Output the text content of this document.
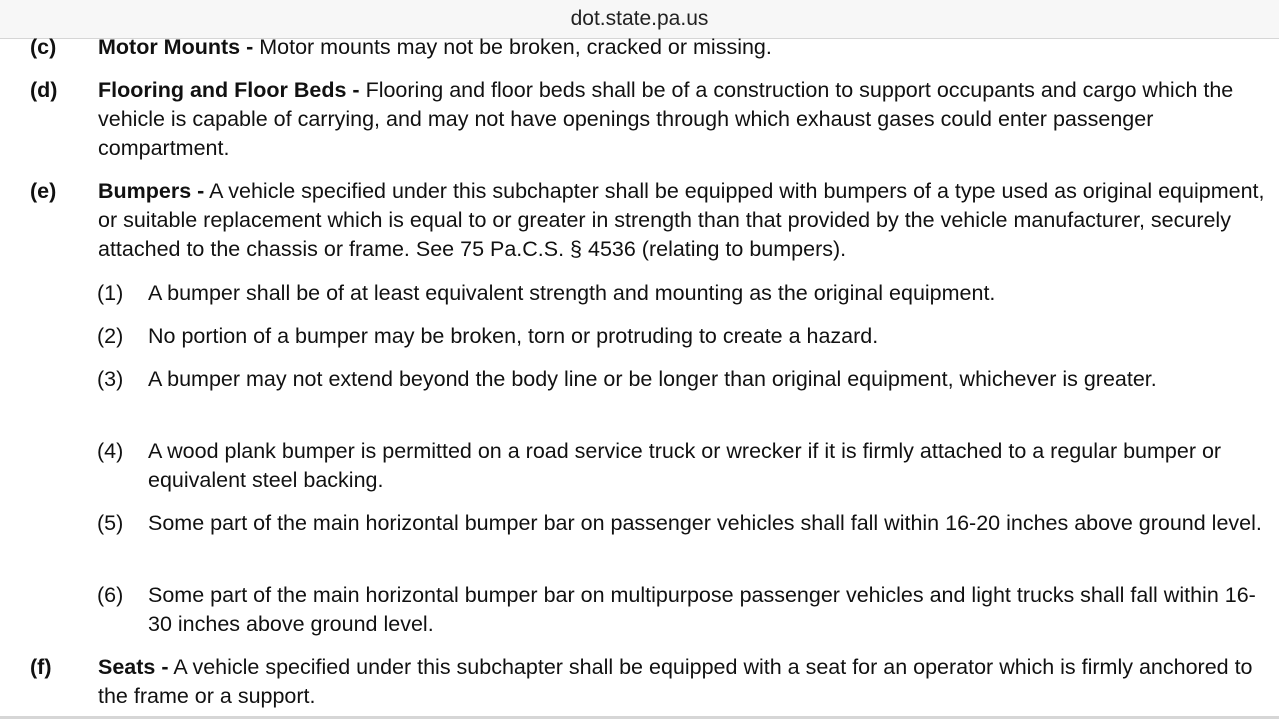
dot.state.pa.us
(c) Motor Mounts - Motor mounts may not be broken, cracked or missing.
(d) Flooring and Floor Beds - Flooring and floor beds shall be of a construction to support occupants and cargo which the vehicle is capable of carrying, and may not have openings through which exhaust gases could enter passenger compartment.
(e) Bumpers - A vehicle specified under this subchapter shall be equipped with bumpers of a type used as original equipment, or suitable replacement which is equal to or greater in strength than that provided by the vehicle manufacturer, securely attached to the chassis or frame. See 75 Pa.C.S. § 4536 (relating to bumpers).
(1) A bumper shall be of at least equivalent strength and mounting as the original equipment.
(2) No portion of a bumper may be broken, torn or protruding to create a hazard.
(3) A bumper may not extend beyond the body line or be longer than original equipment, whichever is greater.
(4) A wood plank bumper is permitted on a road service truck or wrecker if it is firmly attached to a regular bumper or equivalent steel backing.
(5) Some part of the main horizontal bumper bar on passenger vehicles shall fall within 16-20 inches above ground level.
(6) Some part of the main horizontal bumper bar on multipurpose passenger vehicles and light trucks shall fall within 16-30 inches above ground level.
(f) Seats - A vehicle specified under this subchapter shall be equipped with a seat for an operator which is firmly anchored to the frame or a support.
